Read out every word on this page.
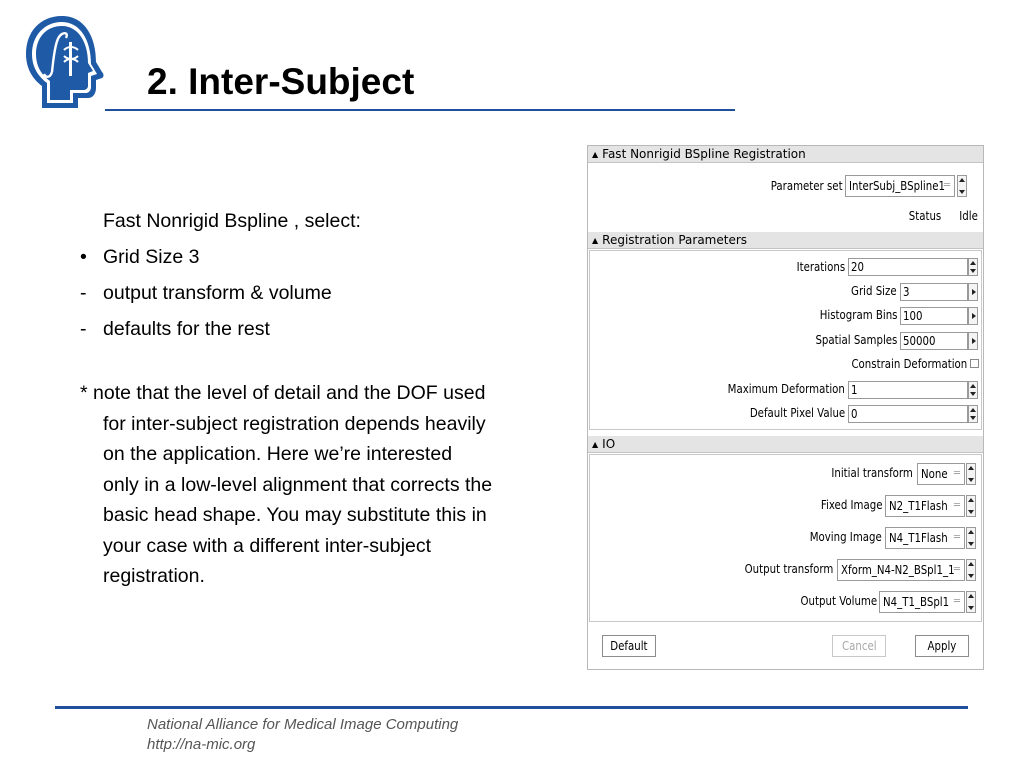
2. Inter-Subject
Fast Nonrigid Bspline , select:
• Grid Size 3
- output transform & volume
- defaults for the rest
* note that the level of detail and the DOF used
for inter-subject registration depends heavily
on the application. Here we’re interested
only in a low-level alignment that corrects the
basic head shape. You may substitute this in
your case with a different inter-subject
registration.
▲ Fast Nonrigid BSpline Registration
Parameter set InterSubj_BSpline1 ═
Status Idle
▲ Registration Parameters
Iterations 20
Grid Size 3
Histogram Bins 100
Spatial Samples 50000
Constrain Deformation
Maximum Deformation 1
Default Pixel Value 0
▲ IO
Initial transform None ═
Fixed Image N2_T1Flash ═
Moving Image N4_T1Flash ═
Output transform Xform_N4-N2_BSpl1_1 ═
Output Volume N4_T1_BSpl1 ═
Default	Cancel	Apply
National Alliance for Medical Image Computing
http://na-mic.org
